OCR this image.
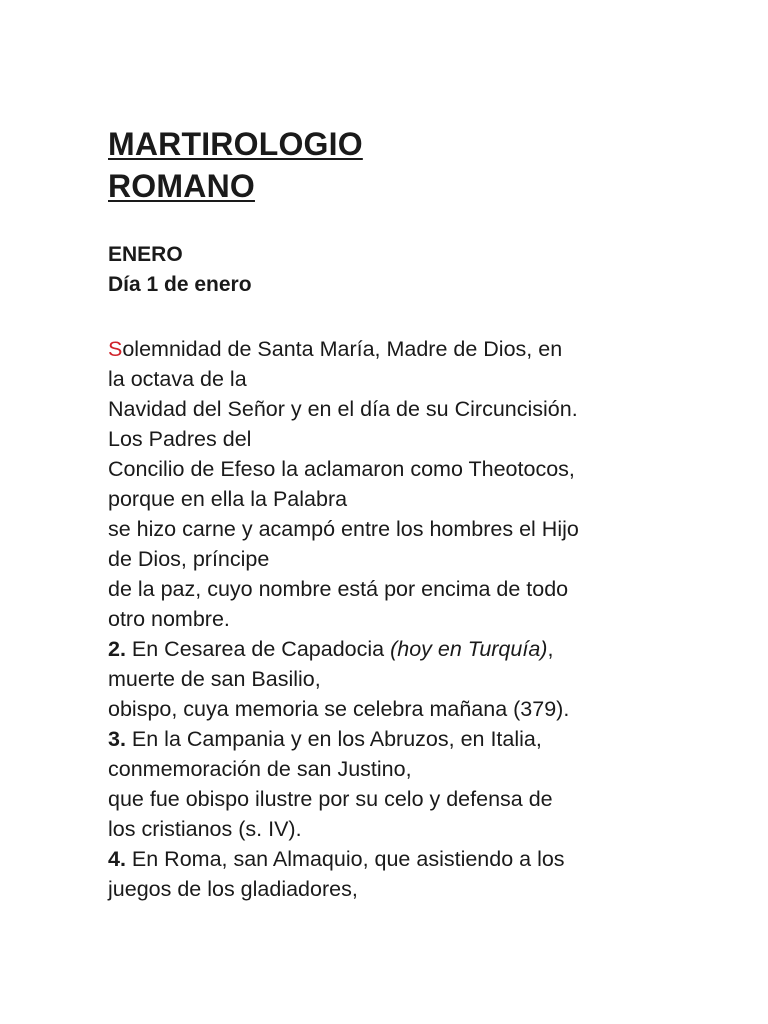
MARTIROLOGIO
ROMANO
ENERO
Día 1 de enero
Solemnidad de Santa María, Madre de Dios, en
la octava de la
Navidad del Señor y en el día de su Circuncisión.
Los Padres del
Concilio de Efeso la aclamaron como Theotocos,
porque en ella la Palabra
se hizo carne y acampó entre los hombres el Hijo
de Dios, príncipe
de la paz, cuyo nombre está por encima de todo
otro nombre.
2. En Cesarea de Capadocia (hoy en Turquía),
muerte de san Basilio,
obispo, cuya memoria se celebra mañana (379).
3. En la Campania y en los Abruzos, en Italia,
conmemoración de san Justino,
que fue obispo ilustre por su celo y defensa de
los cristianos (s. IV).
4. En Roma, san Almaquio, que asistiendo a los
juegos de los gladiadores,
